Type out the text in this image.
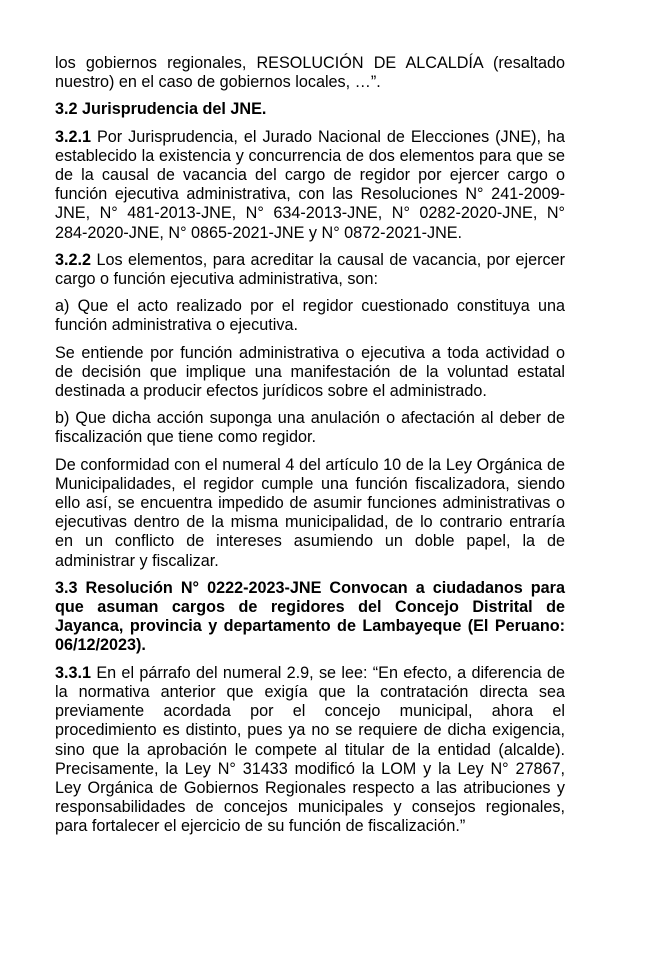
los gobiernos regionales, RESOLUCIÓN DE ALCALDÍA (resaltado nuestro) en el caso de gobiernos locales, …”.

3.2 Jurisprudencia del JNE.

3.2.1 Por Jurisprudencia, el Jurado Nacional de Elecciones (JNE), ha establecido la existencia y concurrencia de dos elementos para que se de la causal de vacancia del cargo de regidor por ejercer cargo o función ejecutiva administrativa, con las Resoluciones N° 241-2009-JNE, N° 481-2013-JNE, N° 634-2013-JNE, N° 0282-2020-JNE, N° 284-2020-JNE, N° 0865-2021-JNE y N° 0872-2021-JNE.

3.2.2 Los elementos, para acreditar la causal de vacancia, por ejercer cargo o función ejecutiva administrativa, son:

a) Que el acto realizado por el regidor cuestionado constituya una función administrativa o ejecutiva.

Se entiende por función administrativa o ejecutiva a toda actividad o de decisión que implique una manifestación de la voluntad estatal destinada a producir efectos jurídicos sobre el administrado.

b) Que dicha acción suponga una anulación o afectación al deber de fiscalización que tiene como regidor.

De conformidad con el numeral 4 del artículo 10 de la Ley Orgánica de Municipalidades, el regidor cumple una función fiscalizadora, siendo ello así, se encuentra impedido de asumir funciones administrativas o ejecutivas dentro de la misma municipalidad, de lo contrario entraría en un conflicto de intereses asumiendo un doble papel, la de administrar y fiscalizar.

3.3 Resolución N° 0222-2023-JNE Convocan a ciudadanos para que asuman cargos de regidores del Concejo Distrital de Jayanca, provincia y departamento de Lambayeque (El Peruano: 06/12/2023).

3.3.1 En el párrafo del numeral 2.9, se lee: “En efecto, a diferencia de la normativa anterior que exigía que la contratación directa sea previamente acordada por el concejo municipal, ahora el procedimiento es distinto, pues ya no se requiere de dicha exigencia, sino que la aprobación le compete al titular de la entidad (alcalde). Precisamente, la Ley N° 31433 modificó la LOM y la Ley N° 27867, Ley Orgánica de Gobiernos Regionales respecto a las atribuciones y responsabilidades de concejos municipales y consejos regionales, para fortalecer el ejercicio de su función de fiscalización.”
